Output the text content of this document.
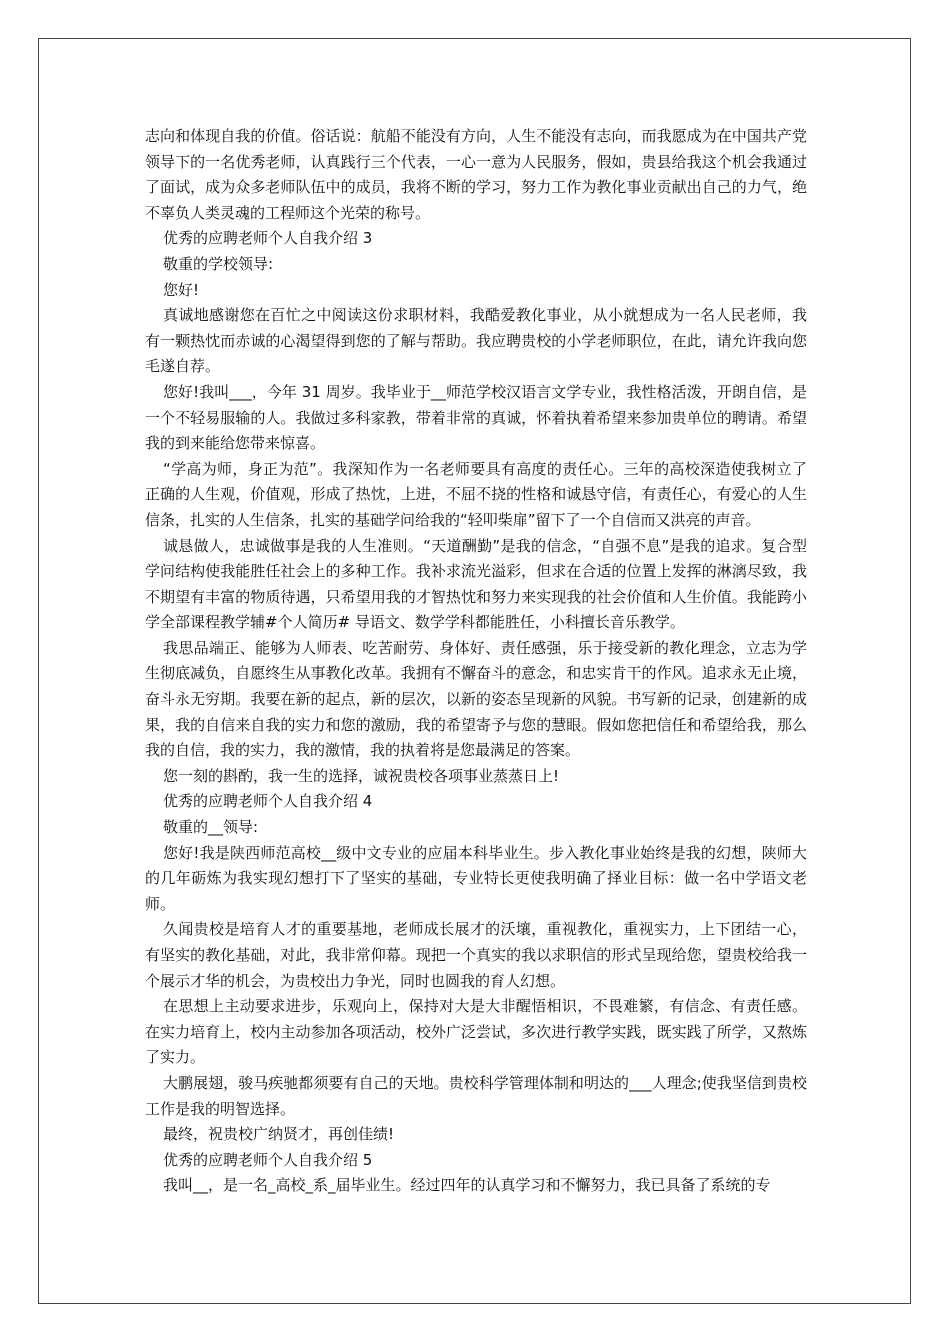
志向和体现自我的价值。俗话说：航船不能没有方向，人生不能没有志向，而我愿成为在中国共产党领导下的一名优秀老师，认真践行三个代表，一心一意为人民服务，假如，贵县给我这个机会我通过了面试，成为众多老师队伍中的成员，我将不断的学习，努力工作为教化事业贡献出自己的力气，绝不辜负人类灵魂的工程师这个光荣的称号。

优秀的应聘老师个人自我介绍 3

敬重的学校领导:

您好!

真诚地感谢您在百忙之中阅读这份求职材料，我酷爱教化事业，从小就想成为一名人民老师，我有一颗热忱而赤诚的心渴望得到您的了解与帮助。我应聘贵校的小学老师职位，在此，请允许我向您毛遂自荐。

您好!我叫___，今年 31 周岁。我毕业于__师范学校汉语言文学专业，我性格活泼，开朗自信，是一个不轻易服输的人。我做过多科家教，带着非常的真诚，怀着执着希望来参加贵单位的聘请。希望我的到来能给您带来惊喜。

“学高为师，身正为范”。我深知作为一名老师要具有高度的责任心。三年的高校深造使我树立了正确的人生观，价值观，形成了热忱，上进，不屈不挠的性格和诚恳守信，有责任心，有爱心的人生信条，扎实的人生信条，扎实的基础学问给我的“轻叩柴扉”留下了一个自信而又洪亮的声音。

诚恳做人，忠诚做事是我的人生准则。“天道酬勤”是我的信念，“自强不息”是我的追求。复合型学问结构使我能胜任社会上的多种工作。我补求流光溢彩，但求在合适的位置上发挥的淋漓尽致，我不期望有丰富的物质待遇，只希望用我的才智热忱和努力来实现我的社会价值和人生价值。我能跨小学全部课程教学辅#个人简历# 导语文、数学学科都能胜任，小科擅长音乐教学。

我思品端正、能够为人师表、吃苦耐劳、身体好、责任感强，乐于接受新的教化理念，立志为学生彻底减负，自愿终生从事教化改革。我拥有不懈奋斗的意念，和忠实肯干的作风。追求永无止境，奋斗永无穷期。我要在新的起点，新的层次，以新的姿态呈现新的风貌。书写新的记录，创建新的成果，我的自信来自我的实力和您的激励，我的希望寄予与您的慧眼。假如您把信任和希望给我，那么我的自信，我的实力，我的激情，我的执着将是您最满足的答案。

您一刻的斟酌，我一生的选择，诚祝贵校各项事业蒸蒸日上!

优秀的应聘老师个人自我介绍 4

敬重的__领导:

您好!我是陕西师范高校__级中文专业的应届本科毕业生。步入教化事业始终是我的幻想，陕师大的几年砺炼为我实现幻想打下了坚实的基础，专业特长更使我明确了择业目标：做一名中学语文老师。

久闻贵校是培育人才的重要基地，老师成长展才的沃壤，重视教化，重视实力，上下团结一心，有坚实的教化基础，对此，我非常仰幕。现把一个真实的我以求职信的形式呈现给您，望贵校给我一个展示才华的机会，为贵校出力争光，同时也圆我的育人幻想。

在思想上主动要求进步，乐观向上，保持对大是大非醒悟相识，不畏难繁，有信念、有责任感。在实力培育上，校内主动参加各项活动，校外广泛尝试，多次进行教学实践，既实践了所学，又熬炼了实力。

大鹏展翅，骏马疾驰都须要有自己的天地。贵校科学管理体制和明达的___人理念;使我坚信到贵校工作是我的明智选择。

最终，祝贵校广纳贤才，再创佳绩!

优秀的应聘老师个人自我介绍 5

我叫__，是一名_高校_系_届毕业生。经过四年的认真学习和不懈努力，我已具备了系统的专
